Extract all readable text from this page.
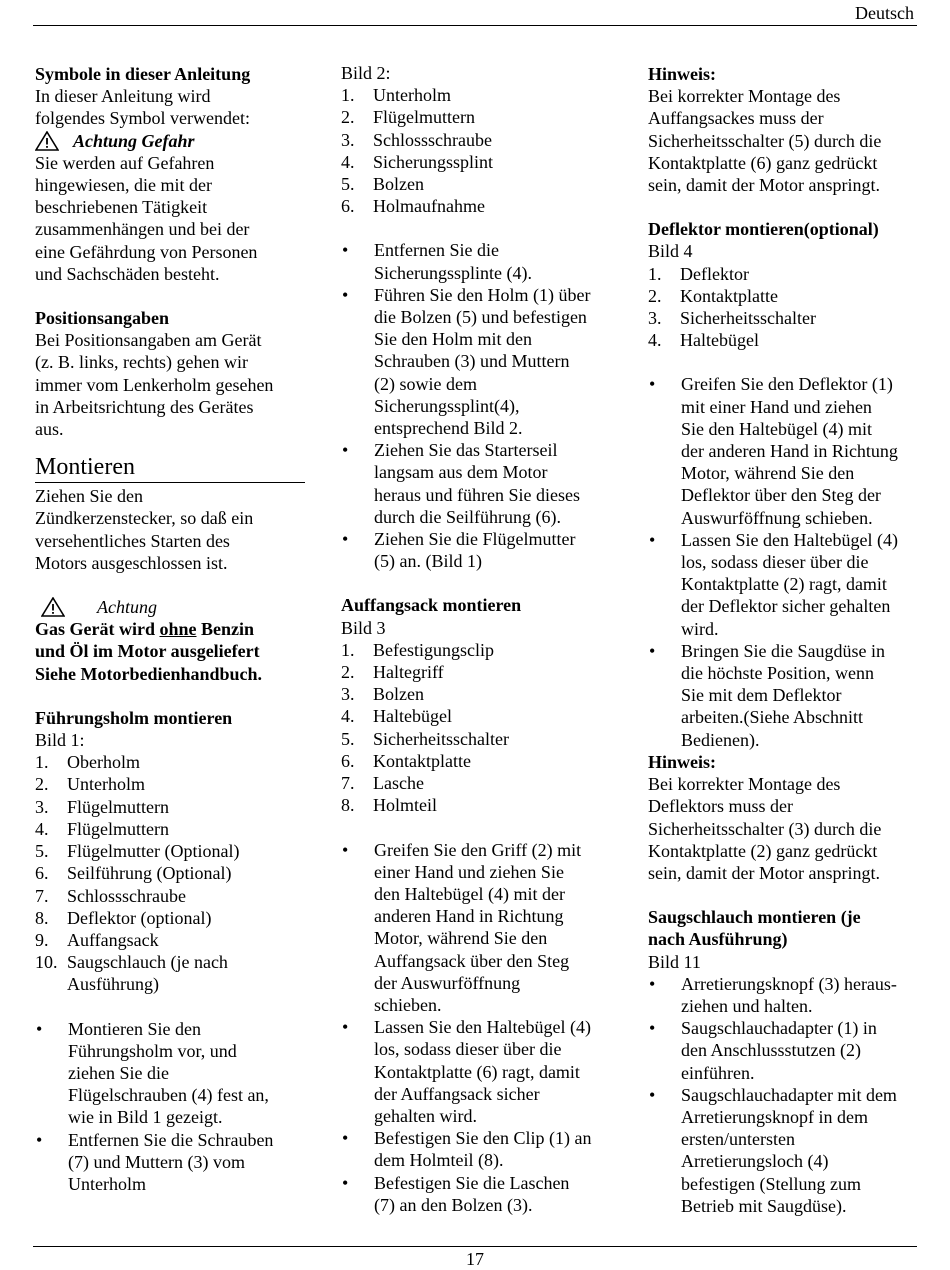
Deutsch

Symbole in dieser Anleitung

In dieser Anleitung wird

folgendes Symbol verwendet:

Achtung Gefahr

Sie werden auf Gefahren

hingewiesen, die mit der

beschriebenen Tätigkeit

zusammenhängen und bei der

eine Gefährdung von Personen

und Sachschäden besteht.

Positionsangaben

Bei Positionsangaben am Gerät

(z. B. links, rechts) gehen wir

immer vom Lenkerholm gesehen

in Arbeitsrichtung des Gerätes

aus.

Montieren

Ziehen Sie den

Zündkerzenstecker, so daß ein

versehentliches Starten des

Motors ausgeschlossen ist.

Achtung

Gas Gerät wird ohne Benzin

und Öl im Motor ausgeliefert

Siehe Motorbedienhandbuch.

Führungsholm montieren

Bild 1:

1.	Oberholm
2.	Unterholm
3.	Flügelmuttern
4.	Flügelmuttern
5.	Flügelmutter (Optional)
6.	Seilführung (Optional)
7.	Schlossschraube
8.	Deflektor (optional)
9.	Auffangsack
10. Saugschlauch (je nach
Ausführung)
•

Montieren Sie den

Führungsholm vor, und

ziehen Sie die

Flügelschrauben (4) fest an,

wie in Bild 1 gezeigt.

•

Entfernen Sie die Schrauben

(7) und Muttern (3) vom

Unterholm

Bild 2:

1.	Unterholm
2.	Flügelmuttern
3.	Schlossschraube
4.	Sicherungssplint
5.	Bolzen
6.	Holmaufnahme
•

Entfernen Sie die

Sicherungssplinte (4).

•

Führen Sie den Holm (1) über

die Bolzen (5) und befestigen

Sie den Holm mit den

Schrauben (3) und Muttern

(2) sowie dem

Sicherungssplint(4),

entsprechend Bild 2.

•

Ziehen Sie das Starterseil

langsam aus dem Motor

heraus und führen Sie dieses

durch die Seilführung (6).

•

Ziehen Sie die Flügelmutter

(5) an. (Bild 1)

Auffangsack montieren

Bild 3

1.	Befestigungsclip
2.	Haltegriff
3.	Bolzen
4.	Haltebügel
5.	Sicherheitsschalter
6.	Kontaktplatte
7.	Lasche
8.	Holmteil
•

Greifen Sie den Griff (2) mit

einer Hand und ziehen Sie

den Haltebügel (4) mit der

anderen Hand in Richtung

Motor, während Sie den

Auffangsack über den Steg

der Auswurföffnung

schieben.

•

Lassen Sie den Haltebügel (4)

los, sodass dieser über die

Kontaktplatte (6) ragt, damit

der Auffangsack sicher

gehalten wird.

•

Befestigen Sie den Clip (1) an

dem Holmteil (8).

•

Befestigen Sie die Laschen

(7) an den Bolzen (3).

Hinweis:

Bei korrekter Montage des

Auffangsackes muss der

Sicherheitsschalter (5) durch die

Kontaktplatte (6) ganz gedrückt

sein, damit der Motor anspringt.

Deflektor montieren(optional)

Bild 4

1.	Deflektor
2.	Kontaktplatte
3.	Sicherheitsschalter
4.	Haltebügel
•

Greifen Sie den Deflektor (1)

mit einer Hand und ziehen

Sie den Haltebügel (4) mit

der anderen Hand in Richtung

Motor, während Sie den

Deflektor über den Steg der

Auswurföffnung schieben.

•

Lassen Sie den Haltebügel (4)

los, sodass dieser über die

Kontaktplatte (2) ragt, damit

der Deflektor sicher gehalten

wird.

•

Bringen Sie die Saugdüse in

die höchste Position, wenn

Sie mit dem Deflektor

arbeiten.(Siehe Abschnitt

Bedienen).

Hinweis:

Bei korrekter Montage des

Deflektors muss der

Sicherheitsschalter (3) durch die

Kontaktplatte (2) ganz gedrückt

sein, damit der Motor anspringt.

Saugschlauch montieren (je

nach Ausführung)

Bild 11

•

Arretierungsknopf (3) heraus-

ziehen und halten.

•

Saugschlauchadapter (1) in

den Anschlussstutzen (2)

einführen.

•

Saugschlauchadapter mit dem

Arretierungsknopf in dem

ersten/untersten

Arretierungsloch (4)

befestigen (Stellung zum

Betrieb mit Saugdüse).

17
